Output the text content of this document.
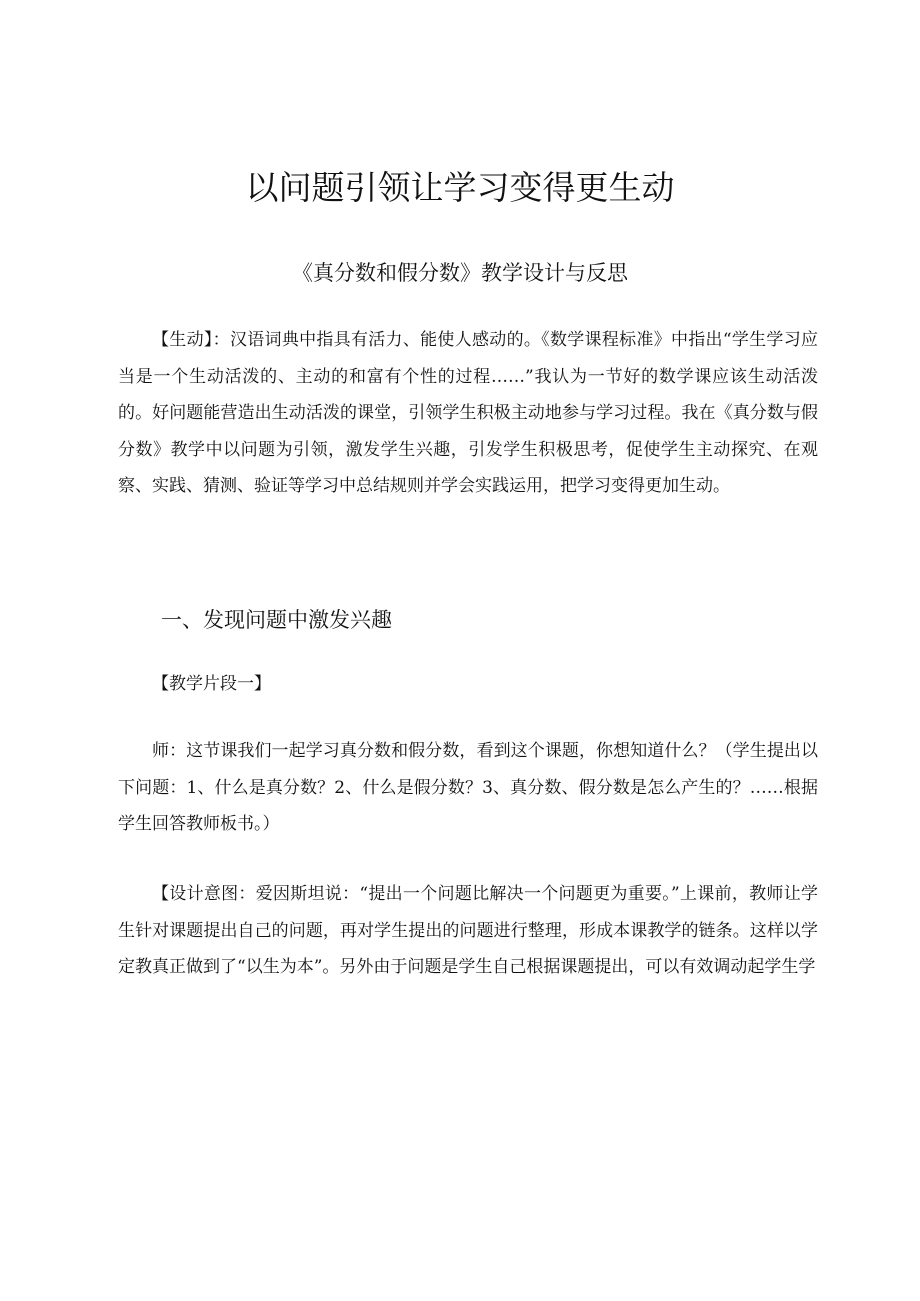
以问题引领让学习变得更生动
《真分数和假分数》教学设计与反思

【生动】：汉语词典中指具有活力、能使人感动的。《数学课程标准》中指出“学生学习应当是一个生动活泼的、主动的和富有个性的过程……”我认为一节好的数学课应该生动活泼的。好问题能营造出生动活泼的课堂，引领学生积极主动地参与学习过程。我在《真分数与假分数》教学中以问题为引领，激发学生兴趣，引发学生积极思考，促使学生主动探究、在观察、实践、猜测、验证等学习中总结规则并学会实践运用，把学习变得更加生动。

一、发现问题中激发兴趣

【教学片段一】

师：这节课我们一起学习真分数和假分数，看到这个课题，你想知道什么？（学生提出以下问题：1、什么是真分数？2、什么是假分数？3、真分数、假分数是怎么产生的？……根据学生回答教师板书。）

【设计意图：爱因斯坦说：“提出一个问题比解决一个问题更为重要。”上课前，教师让学生针对课题提出自己的问题，再对学生提出的问题进行整理，形成本课教学的链条。这样以学定教真正做到了“以生为本”。另外由于问题是学生自己根据课题提出，可以有效调动起学生学
